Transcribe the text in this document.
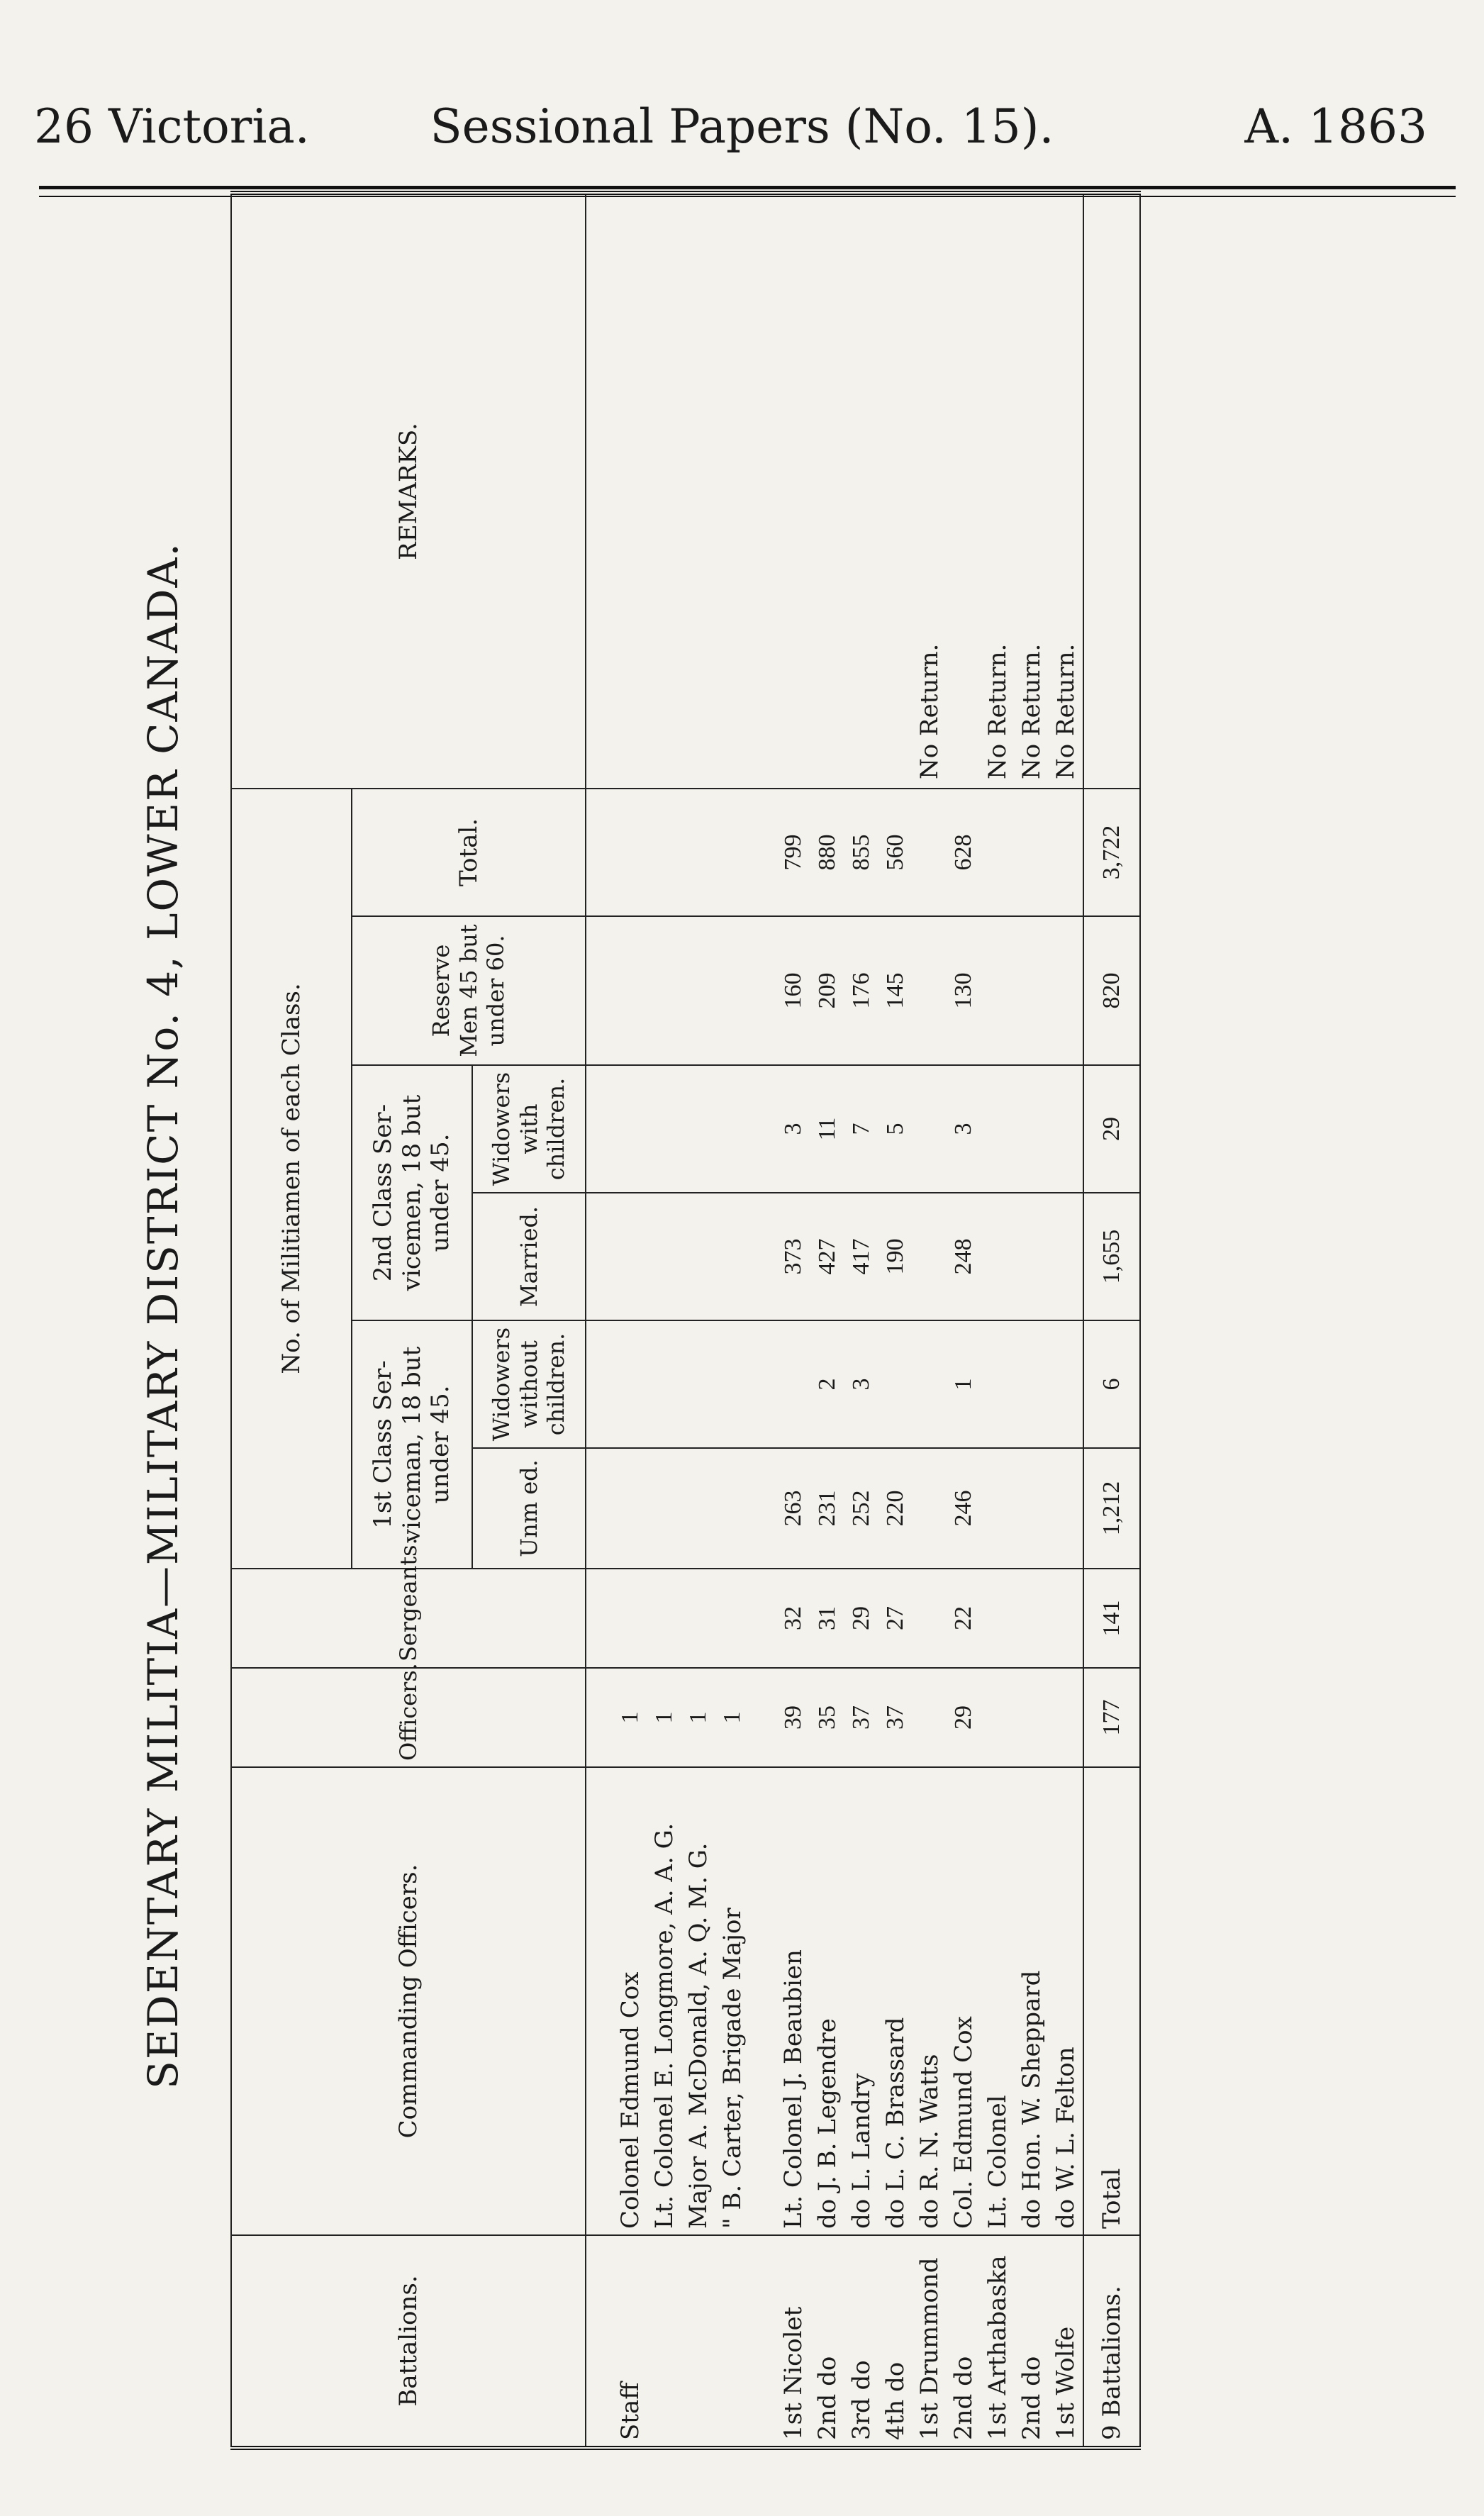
26 Victoria.	Sessional Papers (No. 15).	A. 1863
SEDENTARY MILITIA—MILITARY DISTRICT No. 4, LOWER CANADA.
Battalions.	Commanding Officers.	Officers.	Sergeants.	No. of Militiamen of each Class.						REMARKS.
				1st Class Ser-viceman, 18 but under 45.		2nd Class Ser-vicemen, 18 but under 45.		Reserve Men 45 but under 60.	Total.	
				Unm ed.	Widowers without children.	Married.	Widowers with children.			

Staff	Colonel Edmund Cox	1								
	Lt. Colonel E. Longmore, A. A. G.	1								
	Major A. McDonald, A. Q. M. G.	1								
	" B. Carter, Brigade Major	1								

1st Nicolet	Lt. Colonel J. Beaubien	39	32	263		373	3	160	799	
2nd do	do J. B. Legendre	35	31	231	2	427	11	209	880	
3rd do	do L. Landry	37	29	252	3	417	7	176	855	
4th do	do L. C. Brassard	37	27	220		190	5	145	560	
1st Drummond	do R. N. Watts									No Return.
2nd do	Col. Edmund Cox	29	22	246	1	248	3	130	628	
1st Arthabaska	Lt. Colonel									No Return.
2nd do	do Hon. W. Sheppard									No Return.
1st Wolfe	do W. L. Felton									No Return.
9 Battalions.	Total	177	141	1,212	6	1,655	29	820	3,722	
